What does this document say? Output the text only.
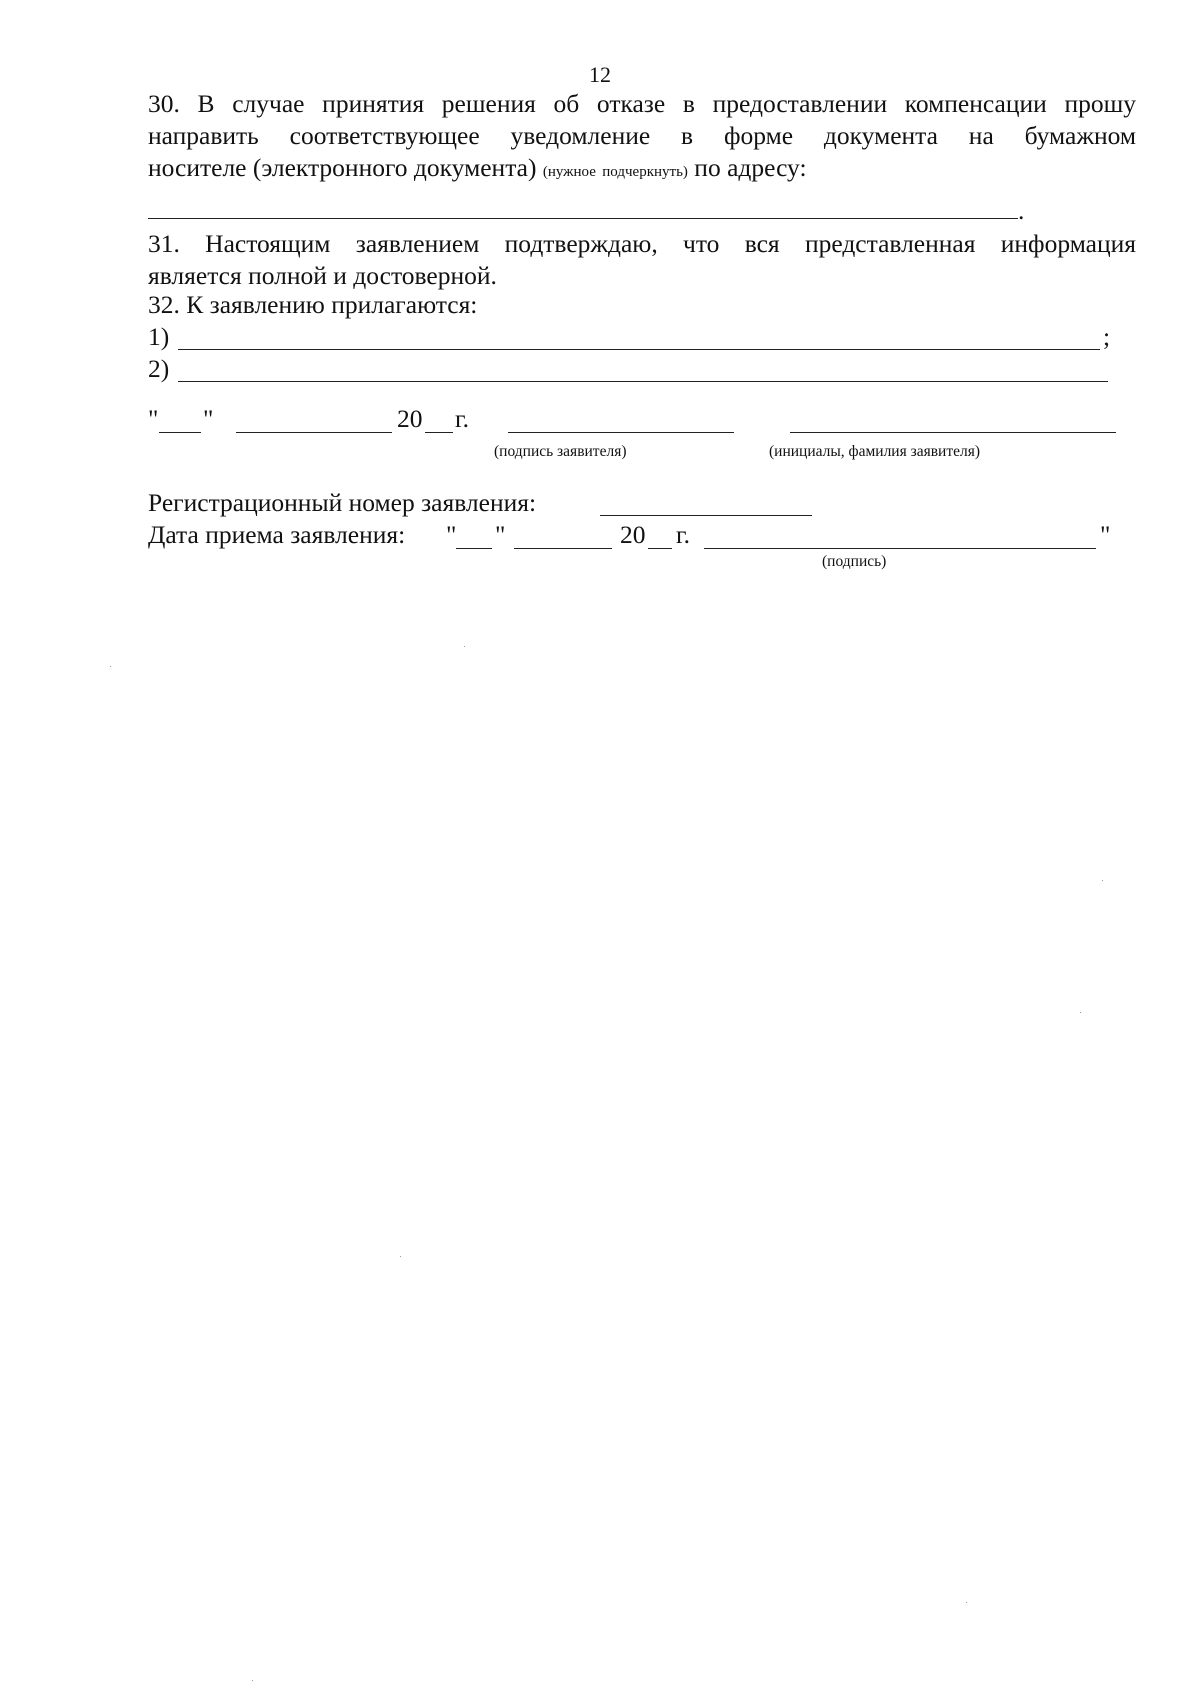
12
30. В случае принятия решения об отказе в предоставлении компенсации прошу
направить соответствующее уведомление в форме документа на бумажном
носителе (электронного документа) (нужное подчеркнуть) по адресу:
.
31. Настоящим заявлением подтверждаю, что вся представленная информация
является полной и достоверной.
32. К заявлению прилагаются:
1)	;
2)
" "	20 г.
(подпись заявителя)	(инициалы, фамилия заявителя)
Регистрационный номер заявления:
Дата приема заявления: " "	20 г.	"
(подпись)
